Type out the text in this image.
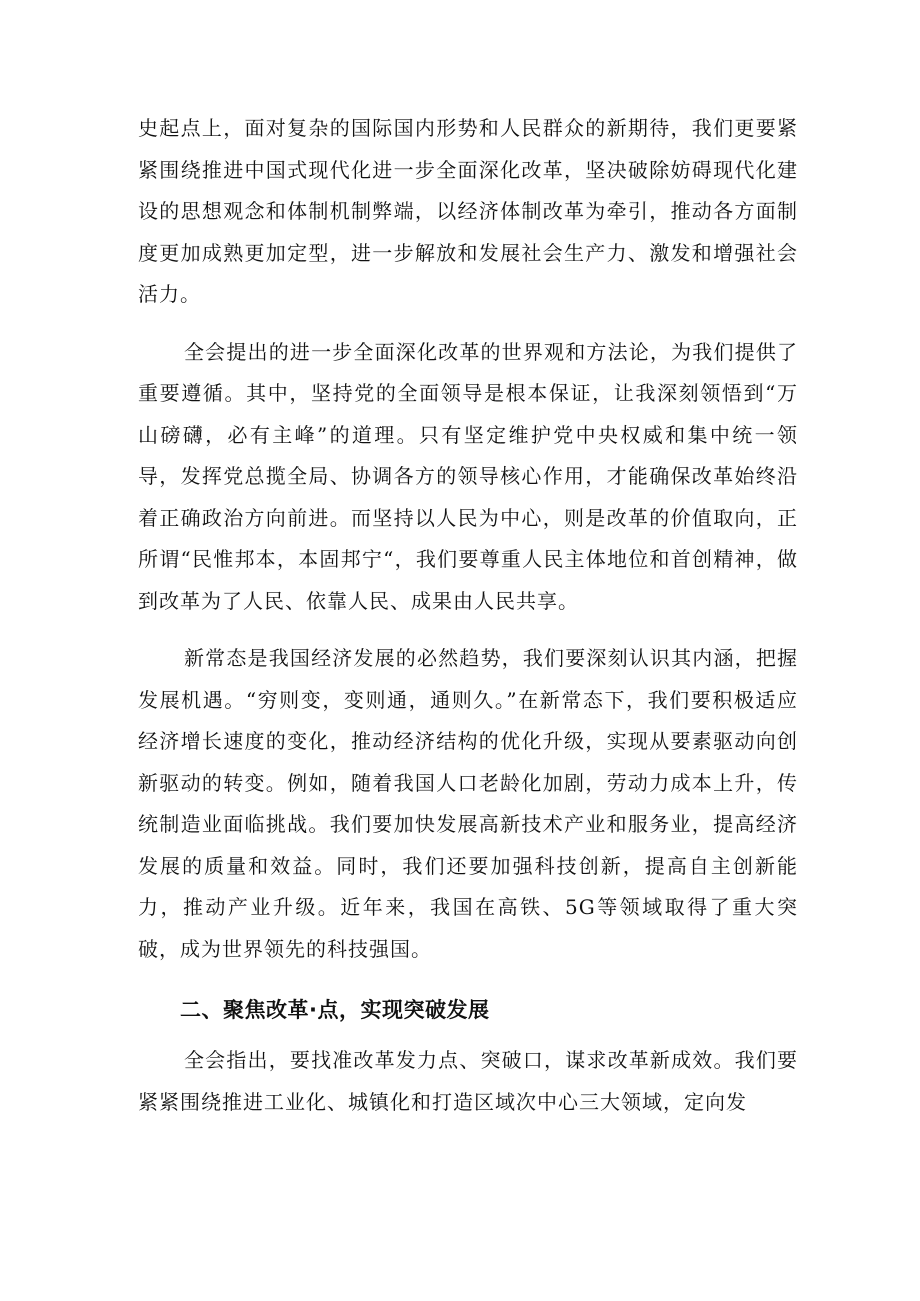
史起点上，面对复杂的国际国内形势和人民群众的新期待，我们更要紧紧围绕推进中国式现代化进一步全面深化改革，坚决破除妨碍现代化建设的思想观念和体制机制弊端，以经济体制改革为牵引，推动各方面制度更加成熟更加定型，进一步解放和发展社会生产力、激发和增强社会活力。

全会提出的进一步全面深化改革的世界观和方法论，为我们提供了重要遵循。其中，坚持党的全面领导是根本保证，让我深刻领悟到“万山磅礴，必有主峰”的道理。只有坚定维护党中央权威和集中统一领导，发挥党总揽全局、协调各方的领导核心作用，才能确保改革始终沿着正确政治方向前进。而坚持以人民为中心，则是改革的价值取向，正所谓“民惟邦本，本固邦宁“，我们要尊重人民主体地位和首创精神，做到改革为了人民、依靠人民、成果由人民共享。

新常态是我国经济发展的必然趋势，我们要深刻认识其内涵，把握发展机遇。“穷则变，变则通，通则久。”在新常态下，我们要积极适应经济增长速度的变化，推动经济结构的优化升级，实现从要素驱动向创新驱动的转变。例如，随着我国人口老龄化加剧，劳动力成本上升，传统制造业面临挑战。我们要加快发展高新技术产业和服务业，提高经济发展的质量和效益。同时，我们还要加强科技创新，提高自主创新能力，推动产业升级。近年来，我国在高铁、5G等领域取得了重大突破，成为世界领先的科技强国。

二、聚焦改革·点，实现突破发展

全会指出，要找准改革发力点、突破口，谋求改革新成效。我们要紧紧围绕推进工业化、城镇化和打造区域次中心三大领域，定向发
